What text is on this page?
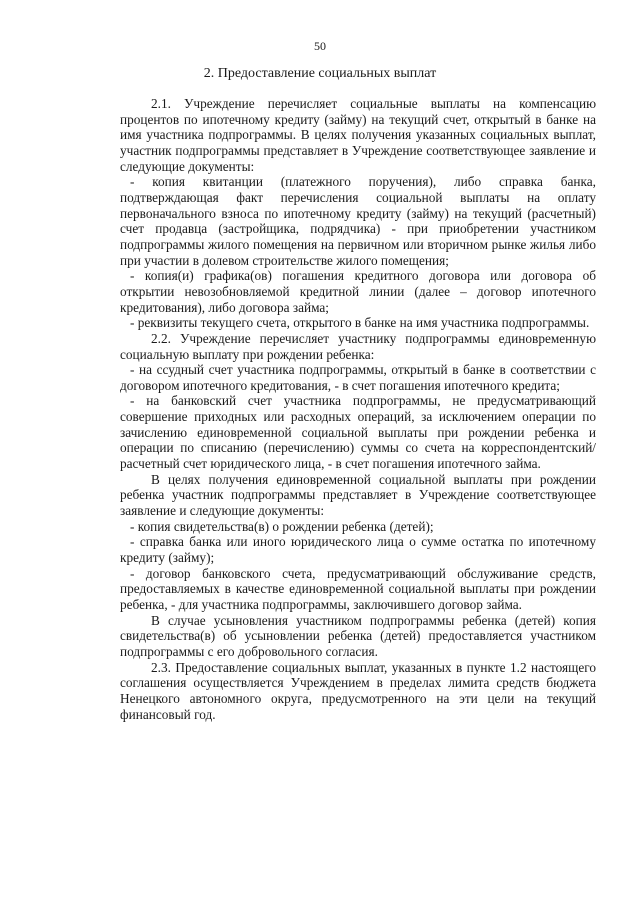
50
2. Предоставление социальных выплат

2.1. Учреждение перечисляет социальные выплаты на компенсацию процентов по ипотечному кредиту (займу) на текущий счет, открытый в банке на имя участника подпрограммы. В целях получения указанных социальных выплат, участник подпрограммы представляет в Учреждение соответствующее заявление и следующие документы:

- копия квитанции (платежного поручения), либо справка банка, подтверждающая факт перечисления социальной выплаты на оплату первоначального взноса по ипотечному кредиту (займу) на текущий (расчетный) счет продавца (застройщика, подрядчика) - при приобретении участником подпрограммы жилого помещения на первичном или вторичном рынке жилья либо при участии в долевом строительстве жилого помещения;

- копия(и) графика(ов) погашения кредитного договора или договора об открытии невозобновляемой кредитной линии (далее – договор ипотечного кредитования), либо договора займа;

- реквизиты текущего счета, открытого в банке на имя участника подпрограммы.

2.2. Учреждение перечисляет участнику подпрограммы единовременную социальную выплату при рождении ребенка:

- на ссудный счет участника подпрограммы, открытый в банке в соответствии с договором ипотечного кредитования, - в счет погашения ипотечного кредита;

- на банковский счет участника подпрограммы, не предусматривающий совершение приходных или расходных операций, за исключением операции по зачислению единовременной социальной выплаты при рождении ребенка и операции по списанию (перечислению) суммы со счета на корреспондентский/расчетный счет юридического лица, - в счет погашения ипотечного займа.

В целях получения единовременной социальной выплаты при рождении ребенка участник подпрограммы представляет в Учреждение соответствующее заявление и следующие документы:

- копия свидетельства(в) о рождении ребенка (детей);

- справка банка или иного юридического лица о сумме остатка по ипотечному кредиту (займу);

- договор банковского счета, предусматривающий обслуживание средств, предоставляемых в качестве единовременной социальной выплаты при рождении ребенка, - для участника подпрограммы, заключившего договор займа.

В случае усыновления участником подпрограммы ребенка (детей) копия свидетельства(в) об усыновлении ребенка (детей) предоставляется участником подпрограммы с его добровольного согласия.

2.3. Предоставление социальных выплат, указанных в пункте 1.2 настоящего соглашения осуществляется Учреждением в пределах лимита средств бюджета Ненецкого автономного округа, предусмотренного на эти цели на текущий финансовый год.
